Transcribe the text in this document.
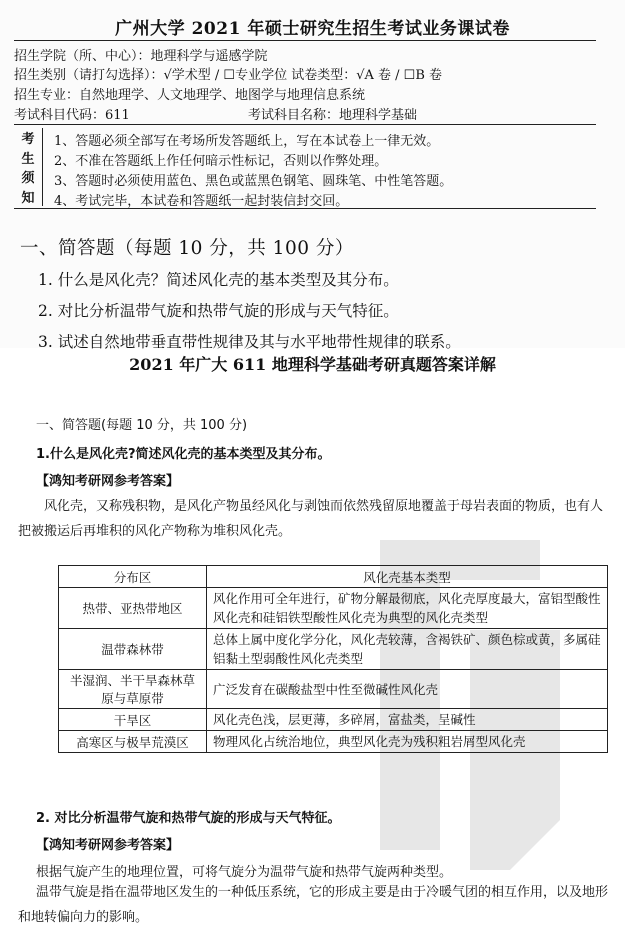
广州大学 2021 年硕士研究生招生考试业务课试卷
招生学院（所、中心）：地理科学与遥感学院
招生类别（请打勾选择）：√学术型 / ☐专业学位 试卷类型：√A 卷 / ☐B 卷
招生专业：自然地理学、人文地理学、地图学与地理信息系统
考试科目代码：611	考试科目名称：地理科学基础
考
生
须
知
1、答题必须全部写在考场所发答题纸上，写在本试卷上一律无效。
2、不准在答题纸上作任何暗示性标记，否则以作弊处理。
3、答题时必须使用蓝色、黑色或蓝黑色钢笔、圆珠笔、中性笔答题。
4、考试完毕，本试卷和答题纸一起封装信封交回。
一、简答题（每题 10 分，共 100 分）
1. 什么是风化壳？简述风化壳的基本类型及其分布。
2. 对比分析温带气旋和热带气旋的形成与天气特征。
3. 试述自然地带垂直带性规律及其与水平地带性规律的联系。
2021 年广大 611 地理科学基础考研真题答案详解
一、简答题(每题 10 分，共 100 分)
1.什么是风化壳?简述风化壳的基本类型及其分布。
【鸿知考研网参考答案】
风化壳，又称残积物，是风化产物虽经风化与剥蚀而依然残留原地覆盖于母岩表面的物质，也有人把被搬运后再堆积的风化产物称为堆积风化壳。
分布区	风化壳基本类型
热带、亚热带地区	风化作用可全年进行，矿物分解最彻底，风化壳厚度最大，富铝型酸性风化壳和硅铝铁型酸性风化壳为典型的风化壳类型
温带森林带	总体上属中度化学分化，风化壳较薄，含褐铁矿、颜色棕或黄，多属硅铝黏土型弱酸性风化壳类型
半湿润、半干旱森林草原与草原带	广泛发育在碳酸盐型中性至微碱性风化壳
干旱区	风化壳色浅，层更薄，多碎屑，富盐类，呈碱性
高寒区与极旱荒漠区	物理风化占统治地位，典型风化壳为残积粗岩屑型风化壳
2. 对比分析温带气旋和热带气旋的形成与天气特征。
【鸿知考研网参考答案】
根据气旋产生的地理位置，可将气旋分为温带气旋和热带气旋两种类型。
温带气旋是指在温带地区发生的一种低压系统，它的形成主要是由于冷暖气团的相互作用，以及地形和地转偏向力的影响。
